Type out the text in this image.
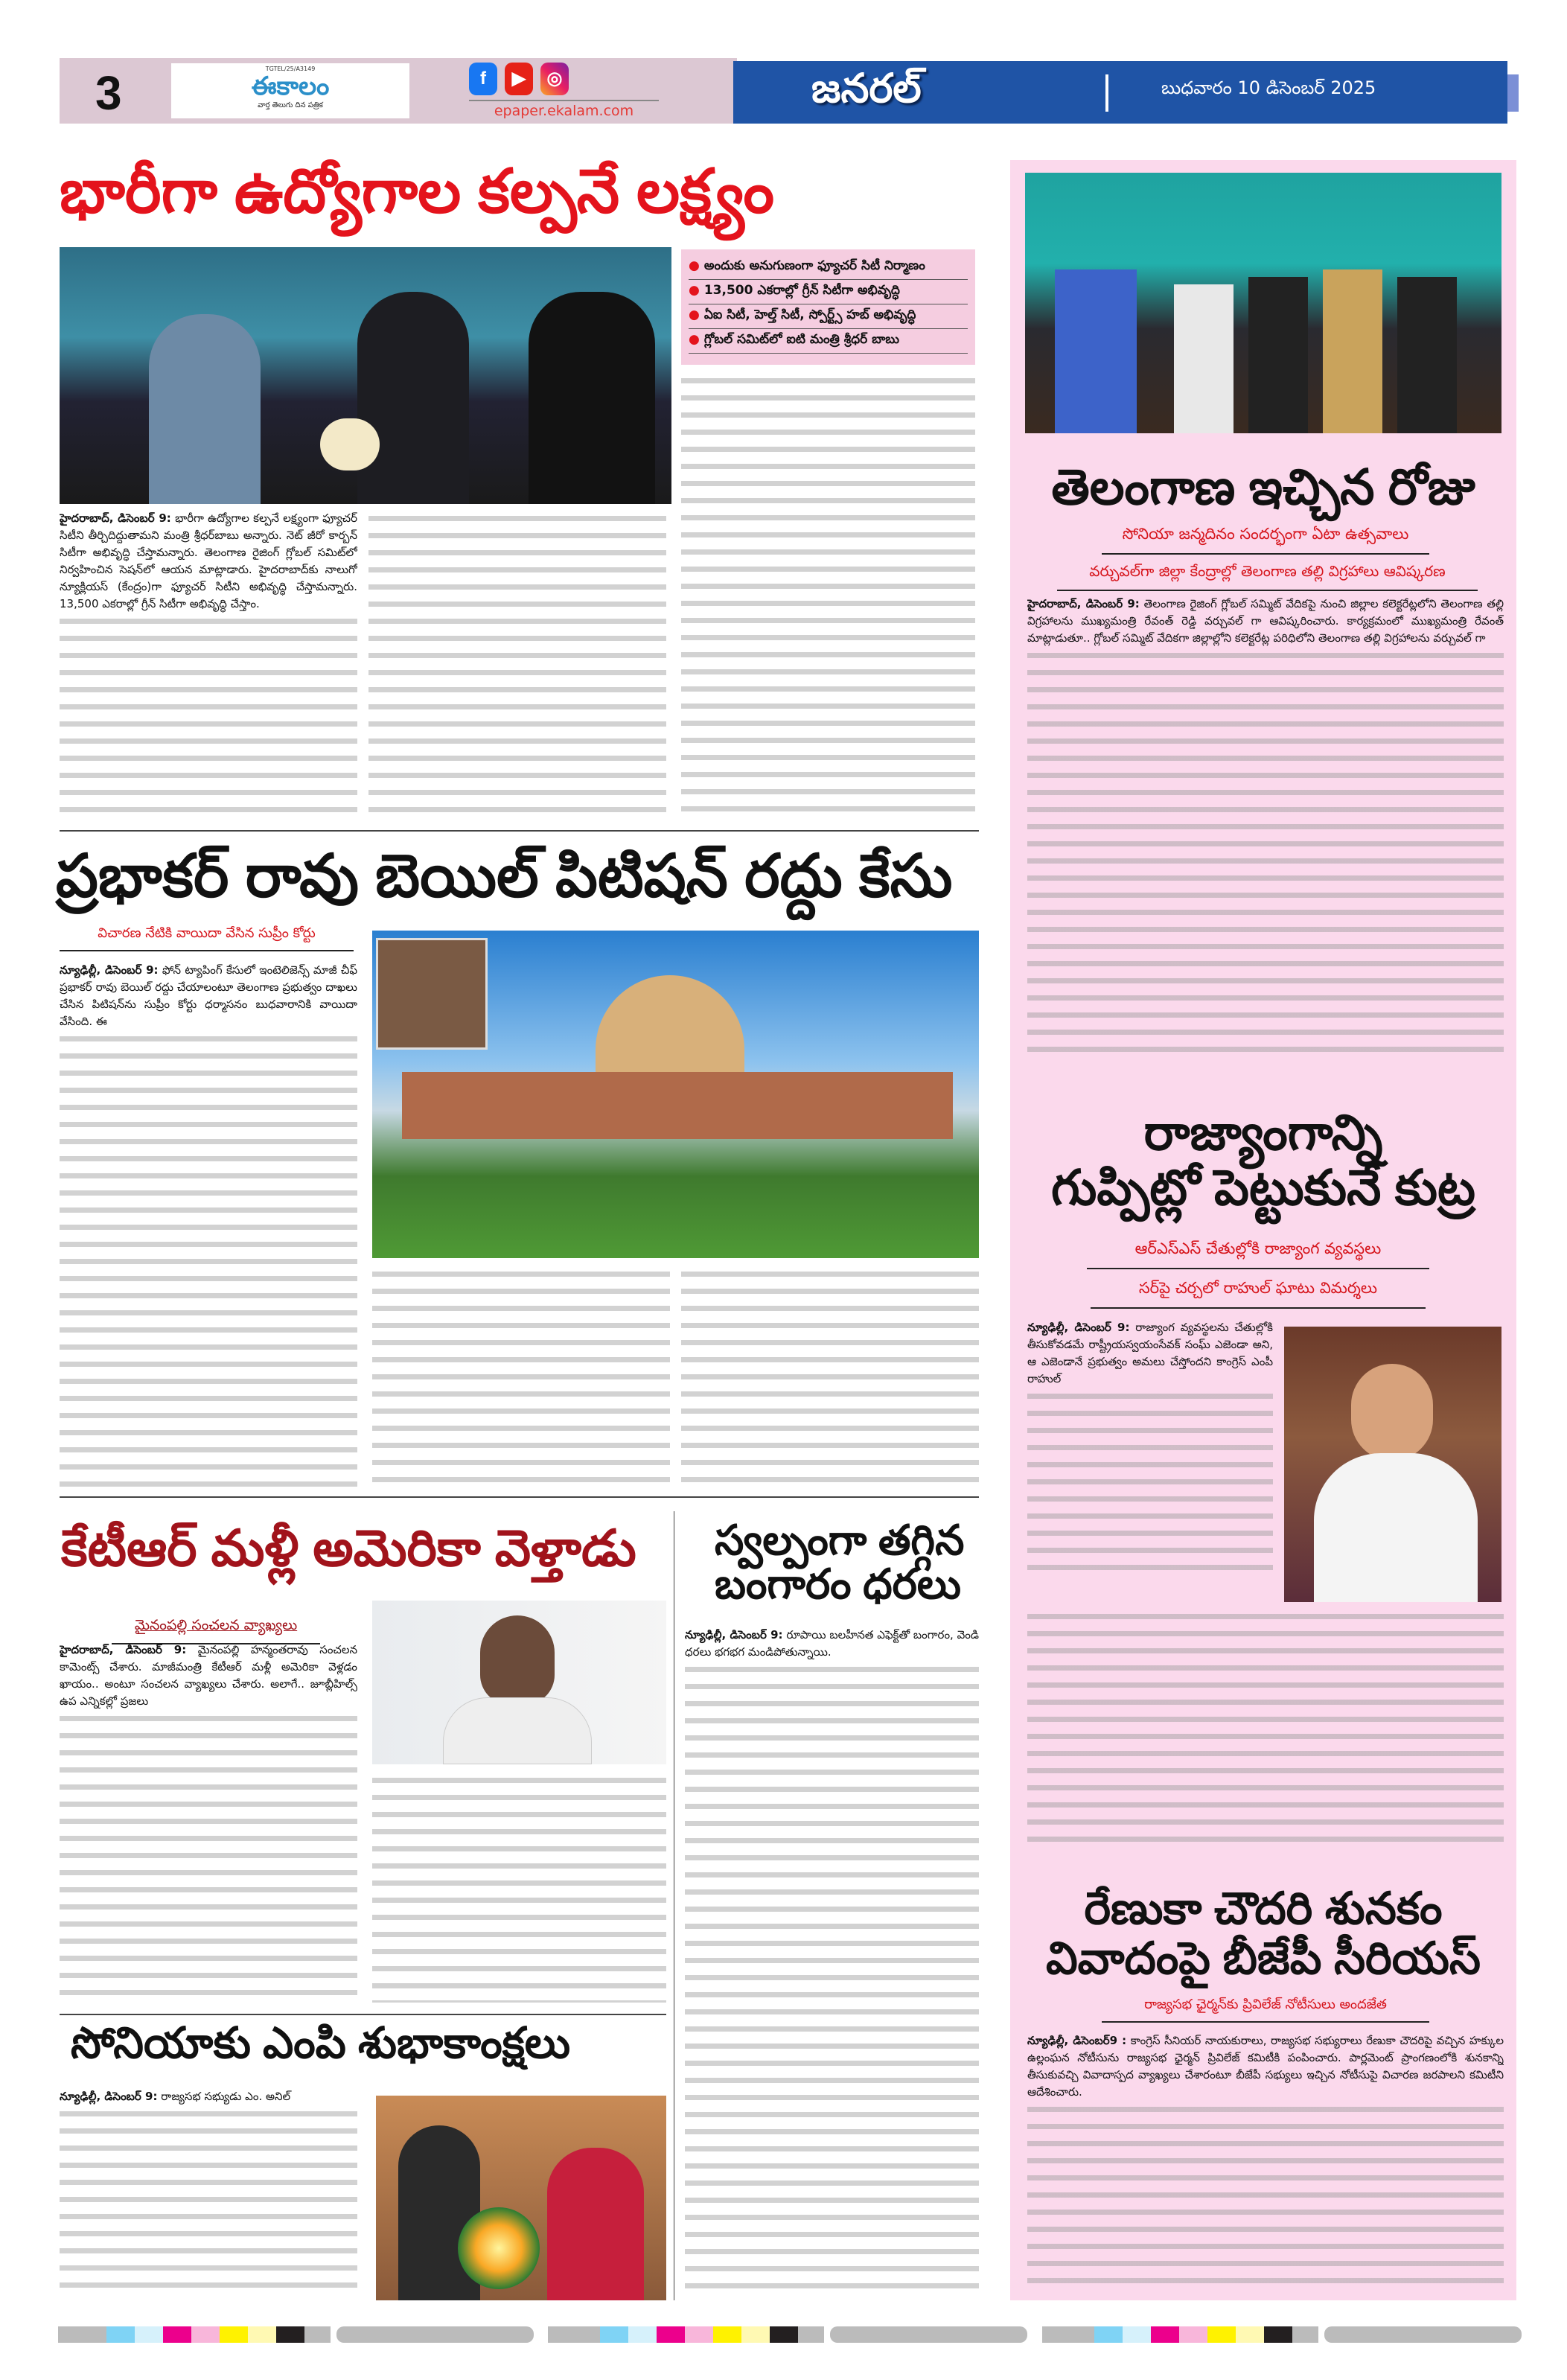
3	TGTEL/25/A3149
ఈకాలం
వార్త తెలుగు దిన పత్రిక
f	▶	◎
epaper.ekalam.com	జనరల్	బుధవారం 10 డిసెంబర్ 2025
భారీగా ఉద్యోగాల కల్పనే లక్ష్యం
● అందుకు అనుగుణంగా ఫ్యూచర్ సిటీ నిర్మాణం
● 13,500 ఎకరాల్లో గ్రీన్ సిటీగా అభివృద్ధి
● ఏఐ సిటీ, హెల్త్ సిటీ, స్పోర్ట్స్ హబ్ అభివృద్ధి
● గ్లోబల్ సమిట్‌లో ఐటి మంత్రి శ్రీధర్ బాబు
హైదరాబాద్, డిసెంబర్ 9: భారీగా ఉద్యోగాల కల్పనే లక్ష్యంగా ఫ్యూచర్ సిటీని తీర్చిదిద్దుతామని మంత్రి శ్రీధర్‌బాబు అన్నారు. నెట్ జీరో కార్బన్ సిటీగా అభివృద్ధి చేస్తామన్నారు. తెలంగాణ రైజింగ్ గ్లోబల్ సమిట్‌లో నిర్వహించిన సెషన్‌లో ఆయన మాట్లాడారు. హైదరాబాద్‌కు నాలుగో న్యూక్లియస్ (కేంద్రం)గా ఫ్యూచర్ సిటీని అభివృద్ధి చేస్తామన్నారు. 13,500 ఎకరాల్లో గ్రీన్ సిటీగా అభివృద్ధి చేస్తాం.
ప్రభాకర్ రావు బెయిల్ పిటిషన్ రద్దు కేసు
విచారణ నేటికి వాయిదా వేసిన సుప్రీం కోర్టు
న్యూఢిల్లీ, డిసెంబర్ 9: ఫోన్ ట్యాపింగ్ కేసులో ఇంటెలిజెన్స్ మాజీ చీఫ్ ప్రభాకర్ రావు బెయిల్ రద్దు చేయాలంటూ తెలంగాణ ప్రభుత్వం దాఖలు చేసిన పిటిషన్‌ను సుప్రీం కోర్టు ధర్మాసనం బుధవారానికి వాయిదా వేసింది. ఈ
కేటీఆర్ మళ్లీ అమెరికా వెళ్తాడు
మైనంపల్లి సంచలన వ్యాఖ్యలు
హైదరాబాద్, డిసెంబర్ 9: మైనంపల్లి హన్మంతరావు సంచలన కామెంట్స్ చేశారు. మాజీమంత్రి కేటీఆర్ మళ్లీ అమెరికా వెళ్లడం ఖాయం.. అంటూ సంచలన వ్యాఖ్యలు చేశారు. అలాగే.. జూబ్లీహిల్స్ ఉప ఎన్నికల్లో ప్రజలు
స్వల్పంగా తగ్గిన
బంగారం ధరలు
న్యూఢిల్లీ, డిసెంబర్ 9: రూపాయి బలహీనత ఎఫెక్ట్‌తో బంగారం, వెండి ధరలు భగభగ మండిపోతున్నాయి.
సోనియాకు ఎంపి శుభాకాంక్షలు
న్యూఢిల్లీ, డిసెంబర్ 9: రాజ్యసభ సభ్యుడు ఎం. అనిల్
తెలంగాణ ఇచ్చిన రోజు
సోనియా జన్మదినం సందర్భంగా ఏటా ఉత్సవాలు
వర్చువల్‌గా జిల్లా కేంద్రాల్లో తెలంగాణ తల్లి విగ్రహాలు ఆవిష్కరణ
హైదరాబాద్, డిసెంబర్ 9: తెలంగాణ రైజింగ్ గ్లోబల్ సమ్మిట్ వేదికపై నుంచి జిల్లాల కలెక్టరేట్లలోని తెలంగాణ తల్లి విగ్రహాలను ముఖ్యమంత్రి రేవంత్ రెడ్డి వర్చువల్ గా ఆవిష్కరించారు. కార్యక్రమంలో ముఖ్యమంత్రి రేవంత్ మాట్లాడుతూ.. గ్లోబల్ సమ్మిట్ వేదికగా జిల్లాల్లోని కలెక్టరేట్ల పరిధిలోని తెలంగాణ తల్లి విగ్రహాలను వర్చువల్ గా
రాజ్యాంగాన్ని
గుప్పిట్లో పెట్టుకునే కుట్ర
ఆర్‌ఎస్‌ఎస్ చేతుల్లోకి రాజ్యాంగ వ్యవస్థలు
సర్‌పై చర్చలో రాహుల్ ఘాటు విమర్శలు
న్యూఢిల్లీ, డిసెంబర్ 9: రాజ్యాంగ వ్యవస్థలను చేతుల్లోకి తీసుకోవడమే రాష్ట్రీయస్వయంసేవక్ సంఘ్ ఎజెండా అని, ఆ ఎజెండానే ప్రభుత్వం అమలు చేస్తోందని కాంగ్రెస్ ఎంపీ రాహుల్
రేణుకా చౌదరి శునకం
వివాదంపై బీజేపీ సీరియస్
రాజ్యసభ ఛైర్మన్‌కు ప్రివిలేజ్ నోటీసులు అందజేత
న్యూఢిల్లీ, డిసెంబర్9 : కాంగ్రెస్ సీనియర్ నాయకురాలు, రాజ్యసభ సభ్యురాలు రేణుకా చౌదరిపై వచ్చిన హక్కుల ఉల్లంఘన నోటీసును రాజ్యసభ ఛైర్మన్ ప్రివిలేజ్ కమిటీకి పంపించారు. పార్లమెంట్ ప్రాంగణంలోకి శునకాన్ని తీసుకువచ్చి వివాదాస్పద వ్యాఖ్యలు చేశారంటూ బీజేపీ సభ్యులు ఇచ్చిన నోటీసుపై విచారణ జరపాలని కమిటీని ఆదేశించారు.
